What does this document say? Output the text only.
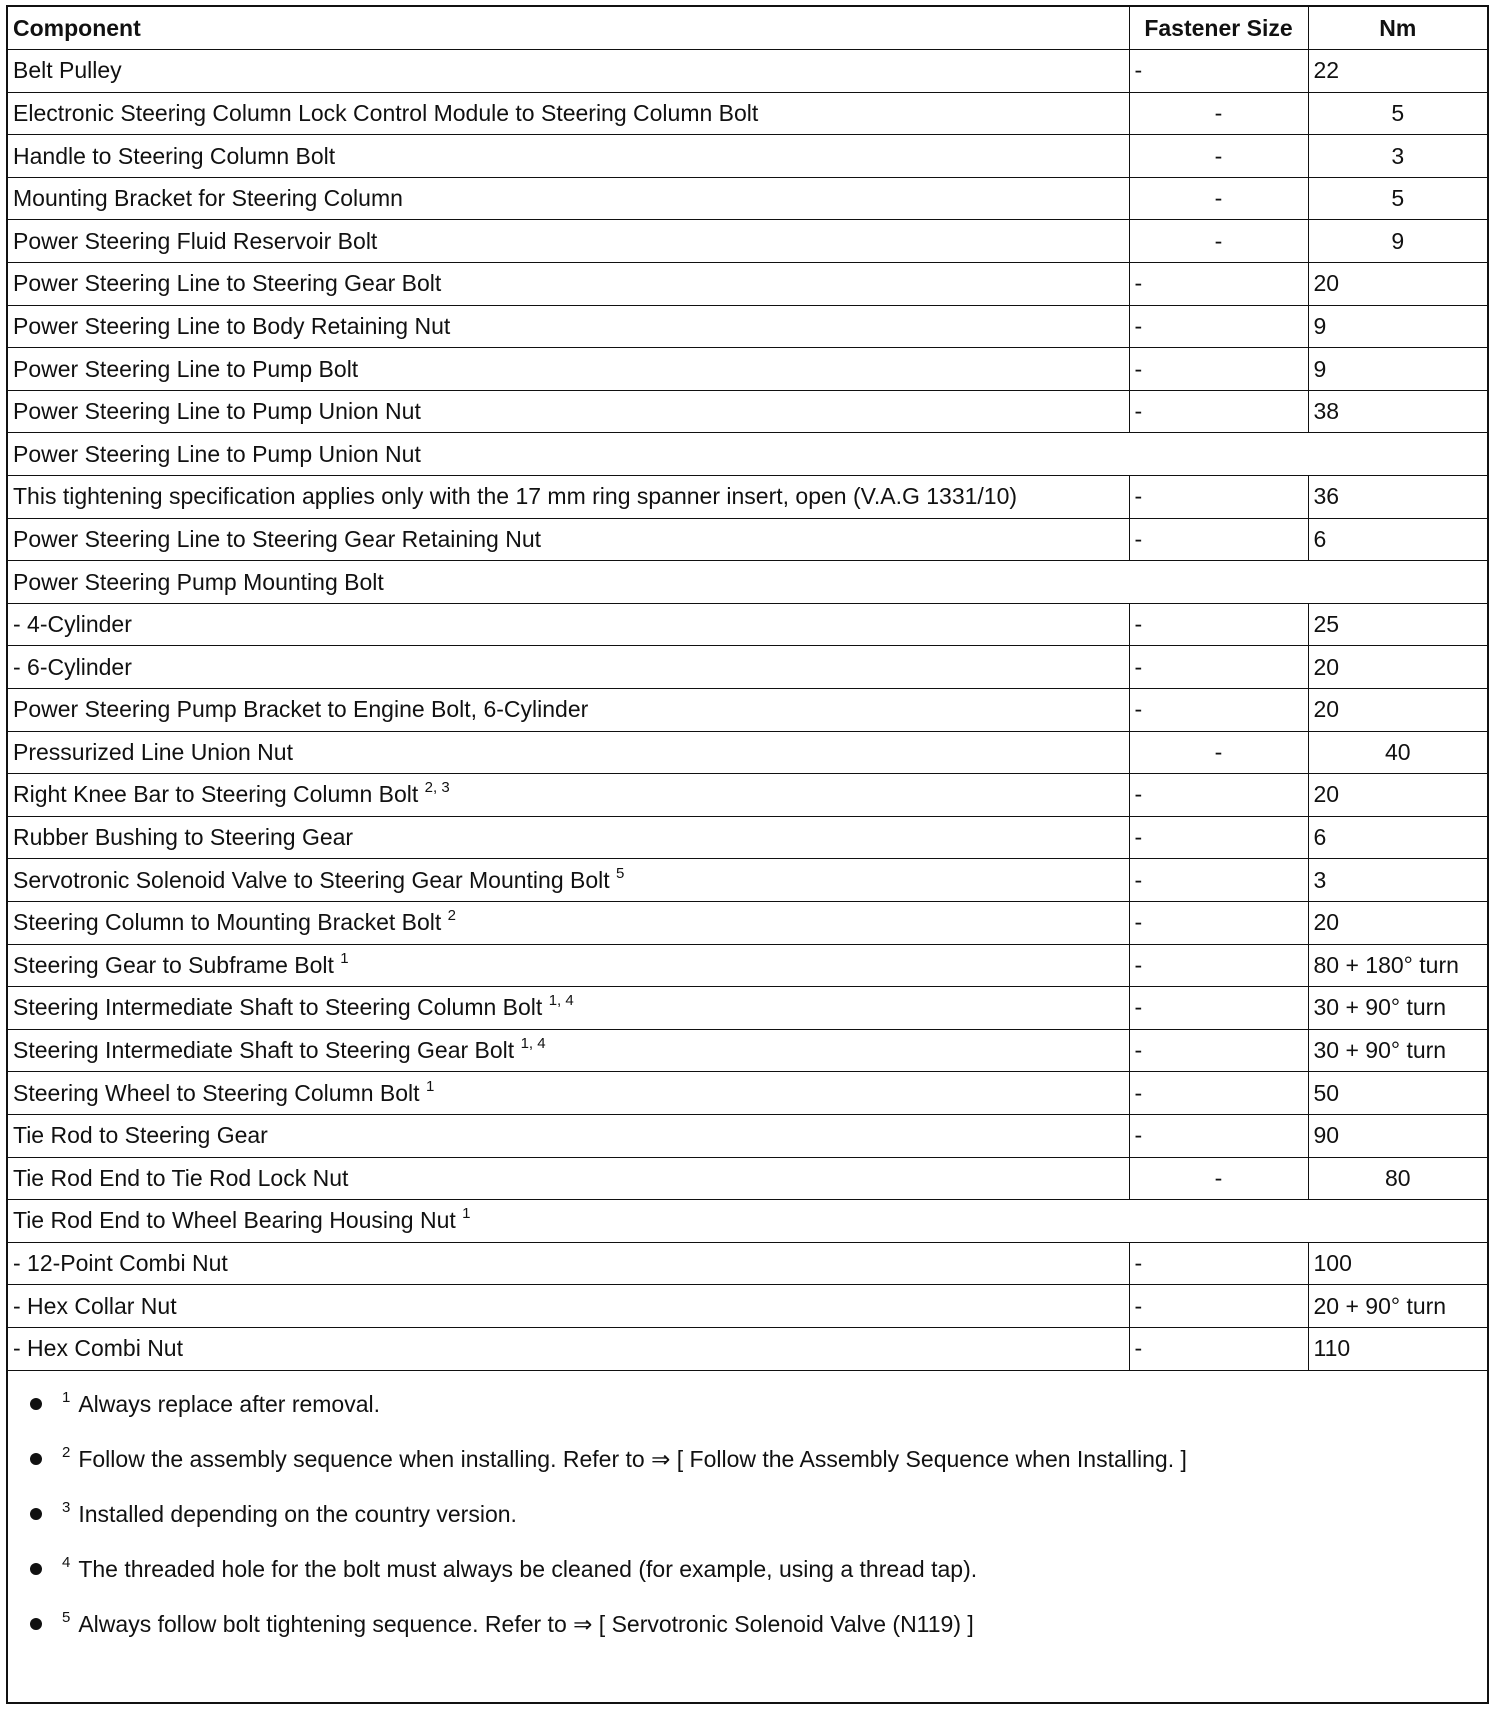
Component	Fastener Size	Nm
Belt Pulley	-	22
Electronic Steering Column Lock Control Module to Steering Column Bolt	-	5
Handle to Steering Column Bolt	-	3
Mounting Bracket for Steering Column	-	5
Power Steering Fluid Reservoir Bolt	-	9
Power Steering Line to Steering Gear Bolt	-	20
Power Steering Line to Body Retaining Nut	-	9
Power Steering Line to Pump Bolt	-	9
Power Steering Line to Pump Union Nut	-	38
Power Steering Line to Pump Union Nut		
This tightening specification applies only with the 17 mm ring spanner insert, open (V.A.G 1331/10)	-	36
Power Steering Line to Steering Gear Retaining Nut	-	6
Power Steering Pump Mounting Bolt		
- 4-Cylinder	-	25
- 6-Cylinder	-	20
Power Steering Pump Bracket to Engine Bolt, 6-Cylinder	-	20
Pressurized Line Union Nut	-	40
Right Knee Bar to Steering Column Bolt $^{2, 3}$	-	20
Rubber Bushing to Steering Gear	-	6
Servotronic Solenoid Valve to Steering Gear Mounting Bolt $^5$	-	3
Steering Column to Mounting Bracket Bolt $^2$	-	20
Steering Gear to Subframe Bolt $^1$	-	80 + 180° turn
Steering Intermediate Shaft to Steering Column Bolt $^{1, 4}$	-	30 + 90° turn
Steering Intermediate Shaft to Steering Gear Bolt $^{1, 4}$	-	30 + 90° turn
Steering Wheel to Steering Column Bolt $^1$	-	50
Tie Rod to Steering Gear	-	90
Tie Rod End to Tie Rod Lock Nut	-	80
Tie Rod End to Wheel Bearing Housing Nut $^1$
- 12-Point Combi Nut	-	100
- Hex Collar Nut	-	20 + 90° turn
- Hex Combi Nut	-	110
$^1$ Always replace after removal.
$^2$ Follow the assembly sequence when installing. Refer to ⇒ [ Follow the Assembly Sequence when Installing. ]
$^3$ Installed depending on the country version.
$^4$ The threaded hole for the bolt must always be cleaned (for example, using a thread tap).
$^5$ Always follow bolt tightening sequence. Refer to ⇒ [ Servotronic Solenoid Valve (N119) ]
